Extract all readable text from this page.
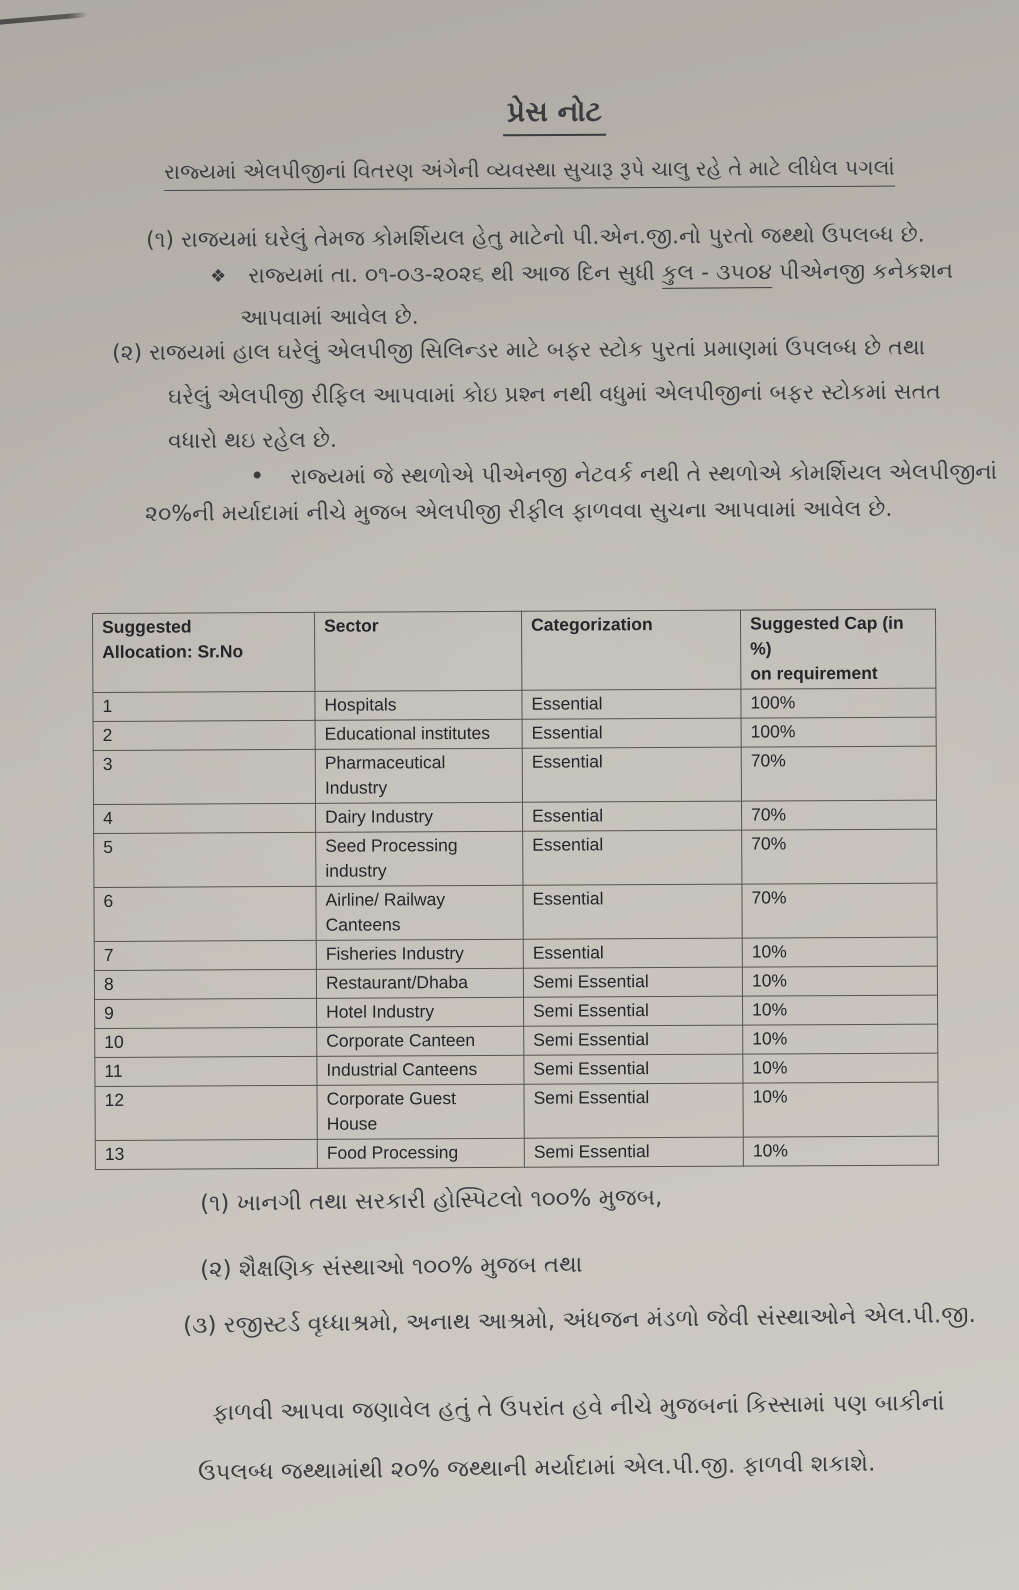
પ્રેસ નોટ
રાજ્યમાં એલપીજીનાં વિતરણ અંગેની વ્યવસ્થા સુચારૂ રૂપે ચાલુ રહે તે માટે લીધેલ પગલાં
(૧) રાજયમાં ઘરેલું તેમજ કોમર્શિયલ હેતુ માટેનો પી.એન.જી.નો પુરતો જથ્થો ઉપલબ્ધ છે.
❖ રાજ્યમાં તા. ૦૧-૦૩-૨૦૨૬ થી આજ દિન સુધી કુલ - ૩૫૦૪ પીએનજી કનેકશન
આપવામાં આવેલ છે.
(૨) રાજયમાં હાલ ઘરેલું એલપીજી સિલિન્ડર માટે બફર સ્ટોક પુરતાં પ્રમાણમાં ઉપલબ્ધ છે તથા
ઘરેલું એલપીજી રીફિલ આપવામાં કોઇ પ્રશ્ન નથી વધુમાં એલપીજીનાં બફર સ્ટોકમાં સતત
વધારો થઇ રહેલ છે.
• રાજ્યમાં જે સ્થળોએ પીએનજી નેટવર્ક નથી તે સ્થળોએ કોમર્શિયલ એલપીજીનાં
૨૦%ની મર્યાદામાં નીચે મુજબ એલપીજી રીફીલ ફાળવવા સુચના આપવામાં આવેલ છે.
Suggested
Allocation: Sr.No	Sector	Categorization	Suggested Cap (in %)
on requirement
1	Hospitals	Essential	100%
2	Educational institutes	Essential	100%
3	Pharmaceutical
Industry	Essential	70%
4	Dairy Industry	Essential	70%
5	Seed Processing
industry	Essential	70%
6	Airline/ Railway
Canteens	Essential	70%
7	Fisheries Industry	Essential	10%
8	Restaurant/Dhaba	Semi Essential	10%
9	Hotel Industry	Semi Essential	10%
10	Corporate Canteen	Semi Essential	10%
11	Industrial Canteens	Semi Essential	10%
12	Corporate Guest
House	Semi Essential	10%
13	Food Processing	Semi Essential	10%
(૧) ખાનગી તથા સરકારી હોસ્પિટલો ૧૦૦% મુજબ,
(૨) શૈક્ષણિક સંસ્થાઓ ૧૦૦% મુજબ તથા
(૩) રજીસ્ટર્ડ વૃધ્ધાશ્રમો, અનાથ આશ્રમો, અંધજન મંડળો જેવી સંસ્થાઓને એલ.પી.જી.
ફાળવી આપવા જણાવેલ હતું તે ઉપરાંત હવે નીચે મુજબનાં કિસ્સામાં પણ બાકીનાં
ઉપલબ્ધ જથ્થામાંથી ૨૦% જથ્થાની મર્યાદામાં એલ.પી.જી. ફાળવી શકાશે.
